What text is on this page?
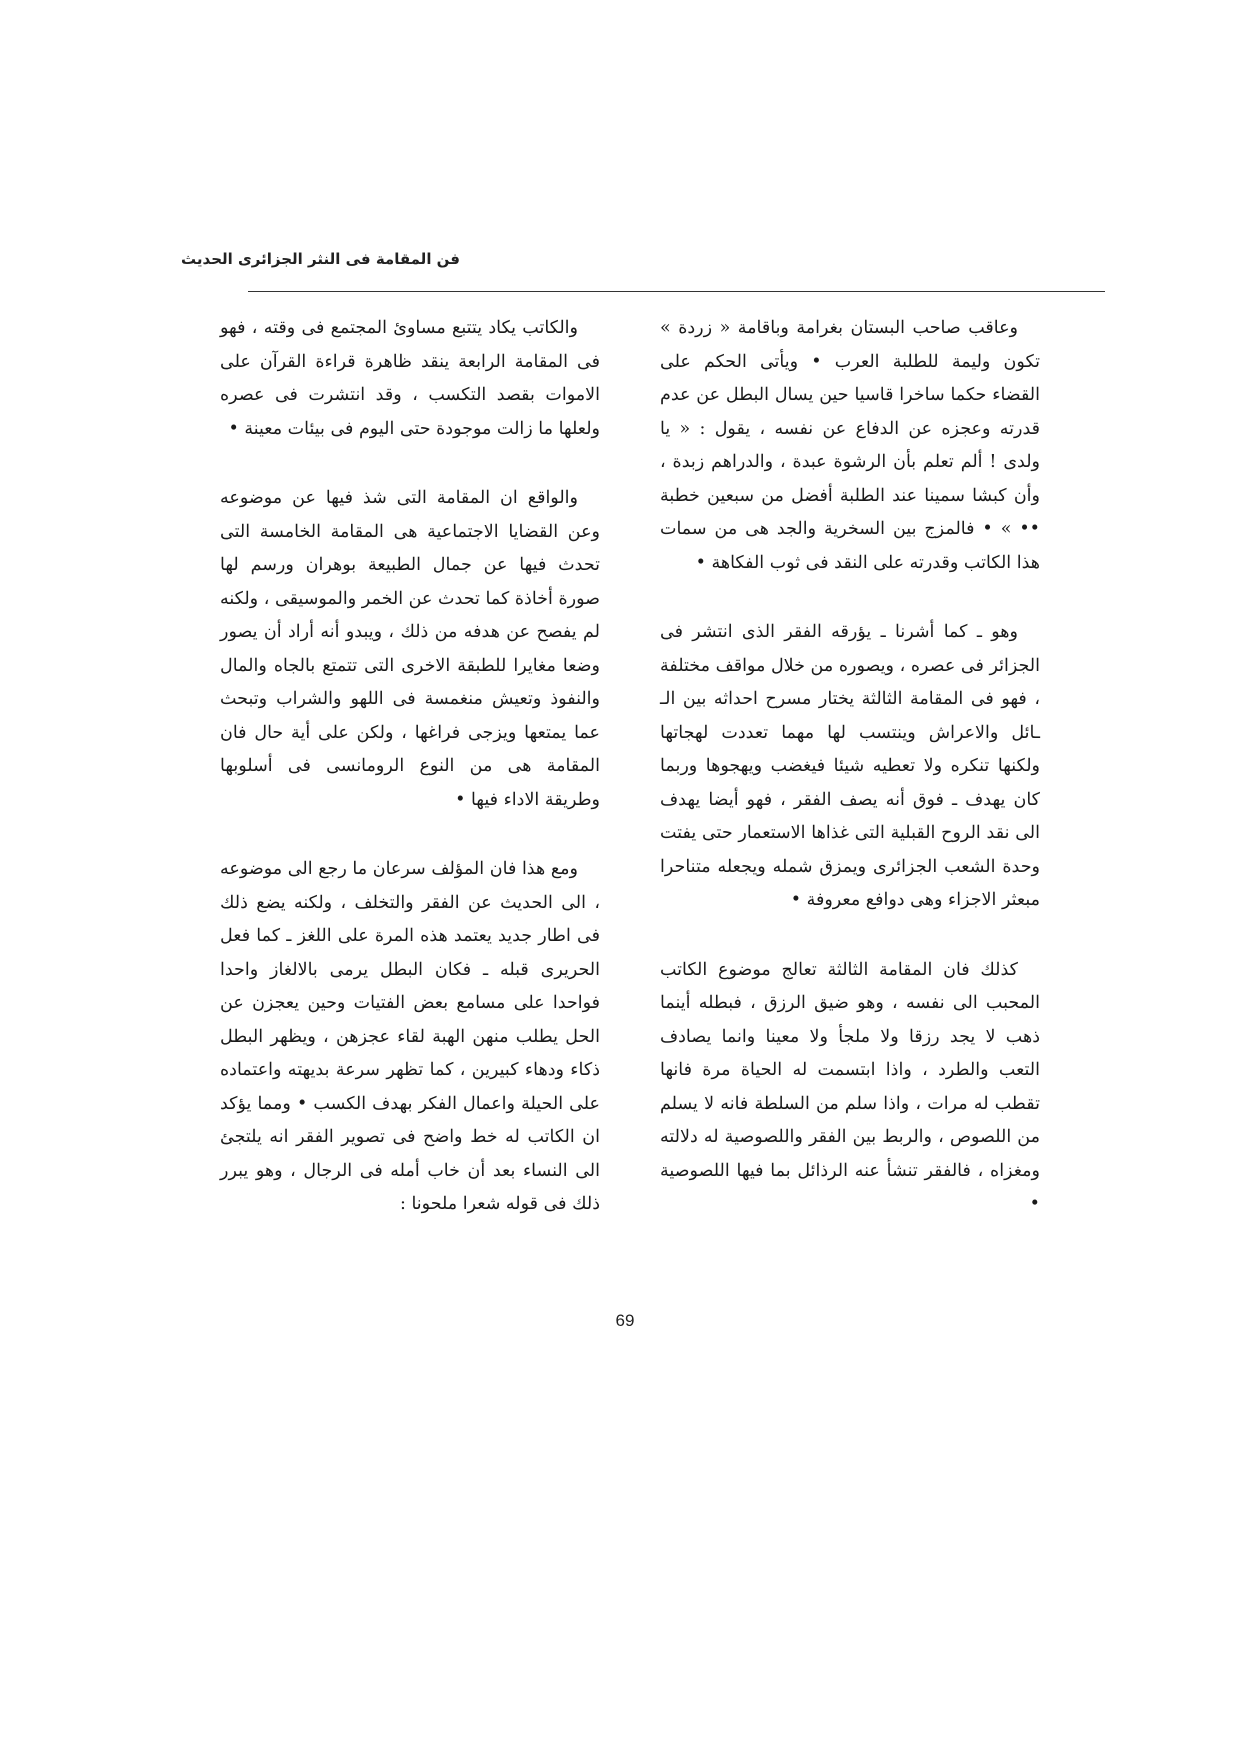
فن المقامة فى النثر الجزائرى الحديث

وعاقب صاحب البستان بغرامة وباقامة « زردة » تكون وليمة للطلبة العرب • ويأتى الحكم على القضاء حكما ساخرا قاسيا حين يسال البطل عن عدم قدرته وعجزه عن الدفاع عن نفسه ، يقول : « يا ولدى ! ألم تعلم بأن الرشوة عبدة ، والدراهم زبدة ، وأن كبشا سمينا عند الطلبة أفضل من سبعين خطبة •• » • فالمزج بين السخرية والجد هى من سمات هذا الكاتب وقدرته على النقد فى ثوب الفكاهة •

وهو ـ كما أشرنا ـ يؤرقه الفقر الذى انتشر فى الجزائر فى عصره ، ويصوره من خلال مواقف مختلفة ، فهو فى المقامة الثالثة يختار مسرح احداثه بين الـ ـائل والاعراش وينتسب لها مهما تعددت لهجاتها ولكنها تنكره ولا تعطيه شيئا فيغضب ويهجوها وربما كان يهدف ـ فوق أنه يصف الفقر ، فهو أيضا يهدف الى نقد الروح القبلية التى غذاها الاستعمار حتى يفتت وحدة الشعب الجزائرى ويمزق شمله ويجعله متناحرا مبعثر الاجزاء وهى دوافع معروفة •

كذلك فان المقامة الثالثة تعالج موضوع الكاتب المحبب الى نفسه ، وهو ضيق الرزق ، فبطله أينما ذهب لا يجد رزقا ولا ملجأ ولا معينا وانما يصادف التعب والطرد ، واذا ابتسمت له الحياة مرة فانها تقطب له مرات ، واذا سلم من السلطة فانه لا يسلم من اللصوص ، والربط بين الفقر واللصوصية له دلالته ومغزاه ، فالفقر تنشأ عنه الرذائل بما فيها اللصوصية •

والكاتب يكاد يتتبع مساوئ المجتمع فى وقته ، فهو فى المقامة الرابعة ينقد ظاهرة قراءة القرآن على الاموات بقصد التكسب ، وقد انتشرت فى عصره ولعلها ما زالت موجودة حتى اليوم فى بيئات معينة •

والواقع ان المقامة التى شذ فيها عن موضوعه وعن القضايا الاجتماعية هى المقامة الخامسة التى تحدث فيها عن جمال الطبيعة بوهران ورسم لها صورة أخاذة كما تحدث عن الخمر والموسيقى ، ولكنه لم يفصح عن هدفه من ذلك ، ويبدو أنه أراد أن يصور وضعا مغايرا للطبقة الاخرى التى تتمتع بالجاه والمال والنفوذ وتعيش منغمسة فى اللهو والشراب وتبحث عما يمتعها ويزجى فراغها ، ولكن على أية حال فان المقامة هى من النوع الرومانسى فى أسلوبها وطريقة الاداء فيها •

ومع هذا فان المؤلف سرعان ما رجع الى موضوعه ، الى الحديث عن الفقر والتخلف ، ولكنه يضع ذلك فى اطار جديد يعتمد هذه المرة على اللغز ـ كما فعل الحريرى قبله ـ فكان البطل يرمى بالالغاز واحدا فواحدا على مسامع بعض الفتيات وحين يعجزن عن الحل يطلب منهن الهبة لقاء عجزهن ، ويظهر البطل ذكاء ودهاء كبيرين ، كما تظهر سرعة بديهته واعتماده على الحيلة واعمال الفكر بهدف الكسب • ومما يؤكد ان الكاتب له خط واضح فى تصوير الفقر انه يلتجئ الى النساء بعد أن خاب أمله فى الرجال ، وهو يبرر ذلك فى قوله شعرا ملحونا :

69
